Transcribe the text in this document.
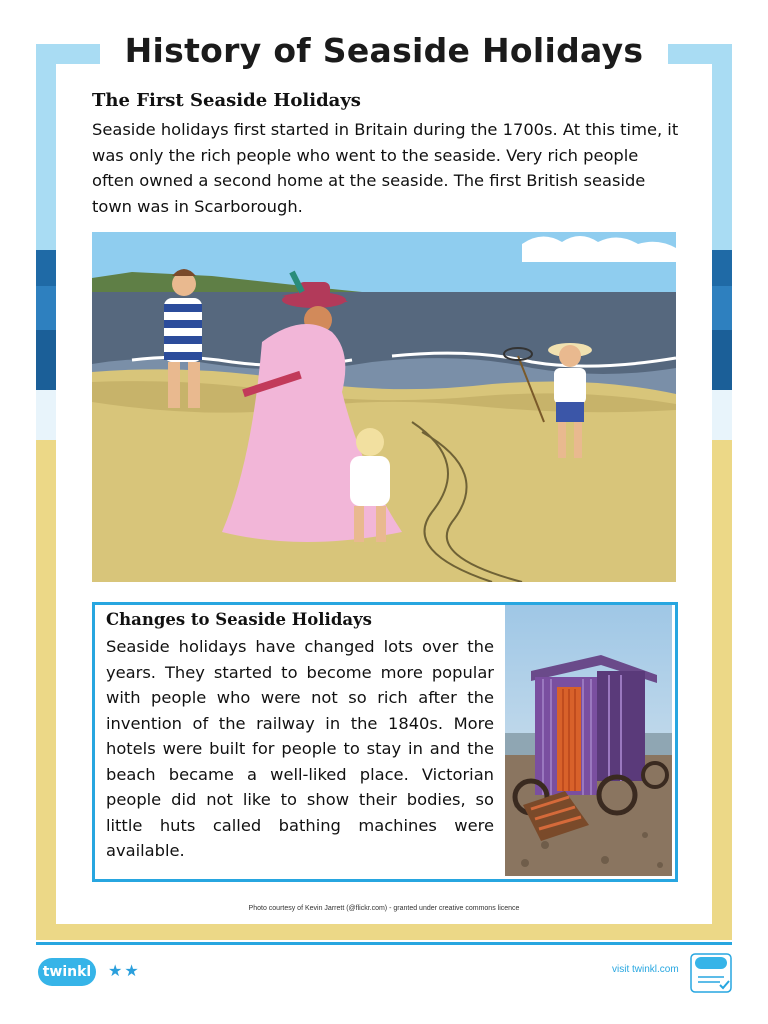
History of Seaside Holidays
The First Seaside Holidays
Seaside holidays first started in Britain during the 1700s. At this time, it was only the rich people who went to the seaside. Very rich people often owned a second home at the seaside. The first British seaside town was in Scarborough.
Changes to Seaside Holidays
Seaside holidays have changed lots over the years. They started to become more popular with people who were not so rich after the invention of the railway in the 1840s. More hotels were built for people to stay in and the beach became a well-liked place. Victorian people did not like to show their bodies, so little huts called bathing machines were available.
Photo courtesy of Kevin Jarrett (@flickr.com) - granted under creative commons licence
twinkl ★★	visit twinkl.com
